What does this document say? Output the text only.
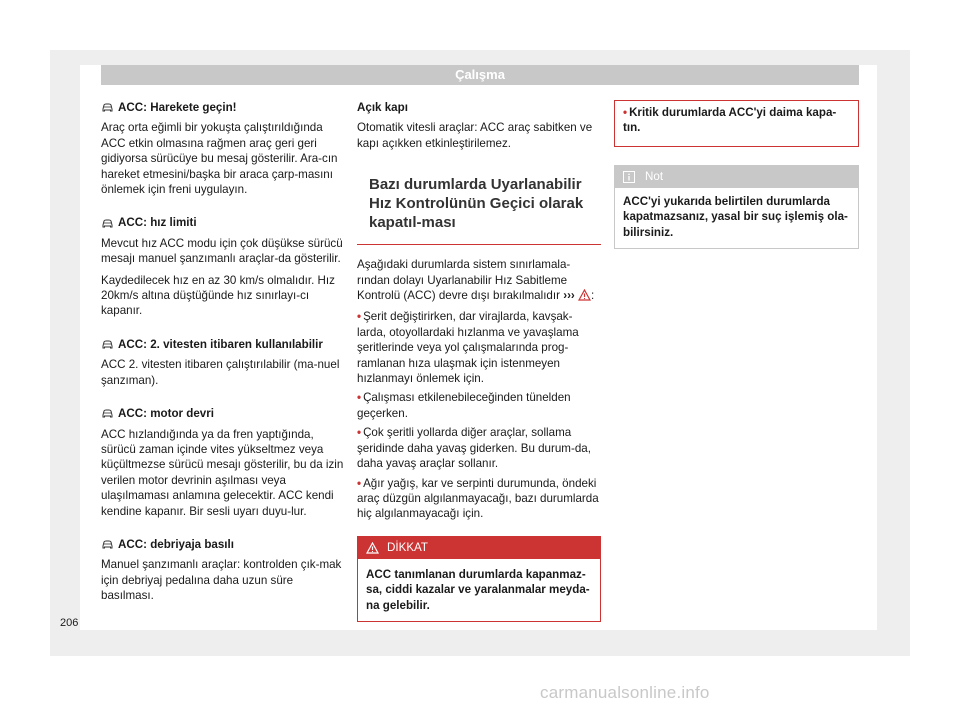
Çalışma
ACC: Harekete geçin!

Araç orta eğimli bir yokuşta çalıştırıldığında ACC etkin olmasına rağmen araç geri geri gidiyorsa sürücüye bu mesaj gösterilir. Ara-cın hareket etmesini/başka bir araca çarp-masını önlemek için freni uygulayın.

ACC: hız limiti

Mevcut hız ACC modu için çok düşükse sürücü mesajı manuel şanzımanlı araçlar-da gösterilir.

Kaydedilecek hız en az 30 km/s olmalıdır. Hız 20km/s altına düştüğünde hız sınırlayı-cı kapanır.

ACC: 2. vitesten itibaren kullanılabilir

ACC 2. vitesten itibaren çalıştırılabilir (ma-nuel şanzıman).

ACC: motor devri

ACC hızlandığında ya da fren yaptığında, sürücü zaman içinde vites yükseltmez veya küçültmezse sürücü mesajı gösterilir, bu da izin verilen motor devrinin aşılması veya ulaşılmaması anlamına gelecektir. ACC kendi kendine kapanır. Bir sesli uyarı duyu-lur.

ACC: debriyaja basılı

Manuel şanzımanlı araçlar: kontrolden çık-mak için debriyaj pedalına daha uzun süre basılması.

Açık kapı

Otomatik vitesli araçlar: ACC araç sabitken ve kapı açıkken etkinleştirilemez.

Bazı durumlarda Uyarlanabilir Hız Kontrolünün Geçici olarak kapatıl-ması

Aşağıdaki durumlarda sistem sınırlamala-rından dolayı Uyarlanabilir Hız Sabitleme Kontrolü (ACC) devre dışı bırakılmalıdır ››› :

• Şerit değiştirirken, dar virajlarda, kavşak-larda, otoyollardaki hızlanma ve yavaşlama şeritlerinde veya yol çalışmalarında prog-ramlanan hıza ulaşmak için istenmeyen hızlanmayı önlemek için.

• Çalışması etkilenebileceğinden tünelden geçerken.

• Çok şeritli yollarda diğer araçlar, sollama şeridinde daha yavaş giderken. Bu durum-da, daha yavaş araçlar sollanır.

• Ağır yağış, kar ve serpinti durumunda, öndeki araç düzgün algılanmayacağı, bazı durumlarda hiç algılanmayacağı için.

DİKKAT
ACC tanımlanan durumlarda kapanmaz-sa, ciddi kazalar ve yaralanmalar meyda-na gelebilir.
• Kritik durumlarda ACC'yi daima kapa-tın.
Not
ACC'yi yukarıda belirtilen durumlarda kapatmazsanız, yasal bir suç işlemiş ola-bilirsiniz.
206
carmanualsonline.info
